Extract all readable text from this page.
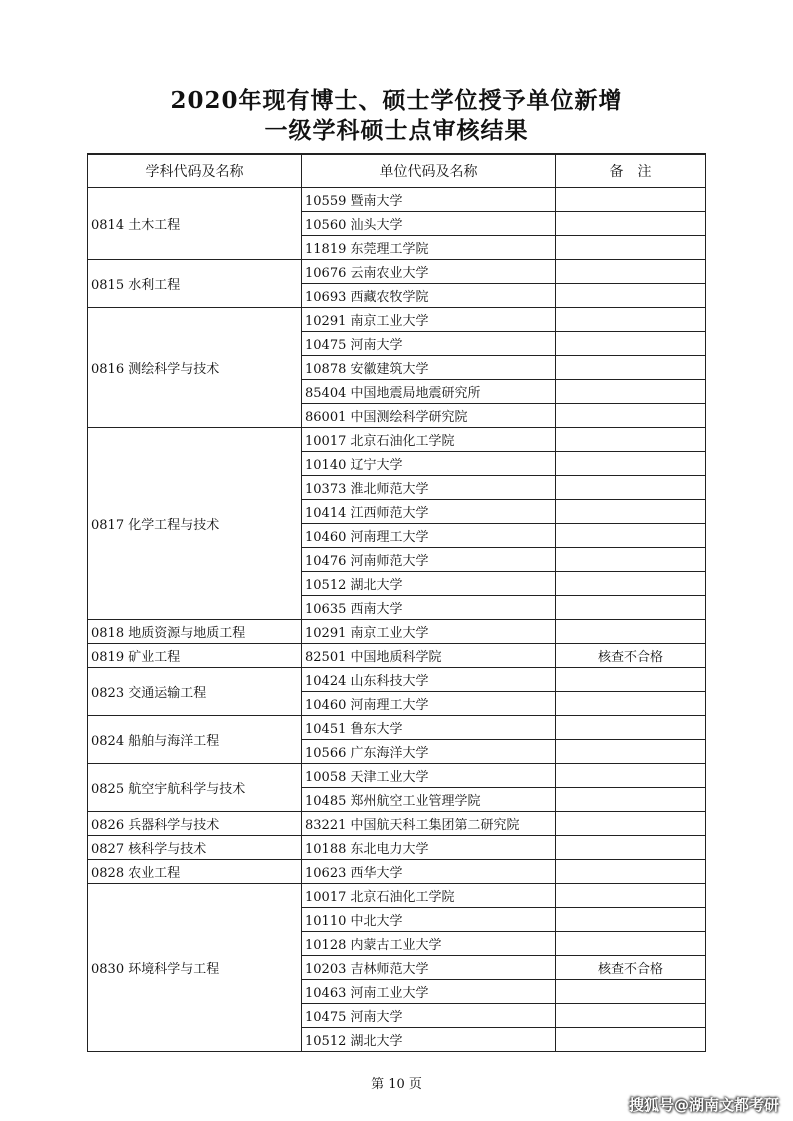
2020年现有博士、硕士学位授予单位新增
一级学科硕士点审核结果
学科代码及名称	单位代码及名称	备　注
0814 土木工程	10559 暨南大学	
	10560 汕头大学	
	11819 东莞理工学院	
0815 水利工程	10676 云南农业大学	
	10693 西藏农牧学院	
0816 测绘科学与技术	10291 南京工业大学	
	10475 河南大学	
	10878 安徽建筑大学	
	85404 中国地震局地震研究所	
	86001 中国测绘科学研究院	
0817 化学工程与技术	10017 北京石油化工学院	
	10140 辽宁大学	
	10373 淮北师范大学	
	10414 江西师范大学	
	10460 河南理工大学	
	10476 河南师范大学	
	10512 湖北大学	
	10635 西南大学	
0818 地质资源与地质工程	10291 南京工业大学	
0819 矿业工程	82501 中国地质科学院	核查不合格
0823 交通运输工程	10424 山东科技大学	
	10460 河南理工大学	
0824 船舶与海洋工程	10451 鲁东大学	
	10566 广东海洋大学	
0825 航空宇航科学与技术	10058 天津工业大学	
	10485 郑州航空工业管理学院	
0826 兵器科学与技术	83221 中国航天科工集团第二研究院	
0827 核科学与技术	10188 东北电力大学	
0828 农业工程	10623 西华大学	
0830 环境科学与工程	10017 北京石油化工学院	
	10110 中北大学	
	10128 内蒙古工业大学	
	10203 吉林师范大学	核查不合格
	10463 河南工业大学	
	10475 河南大学	
	10512 湖北大学	
第 10 页
搜狐号@湖南文都考研
